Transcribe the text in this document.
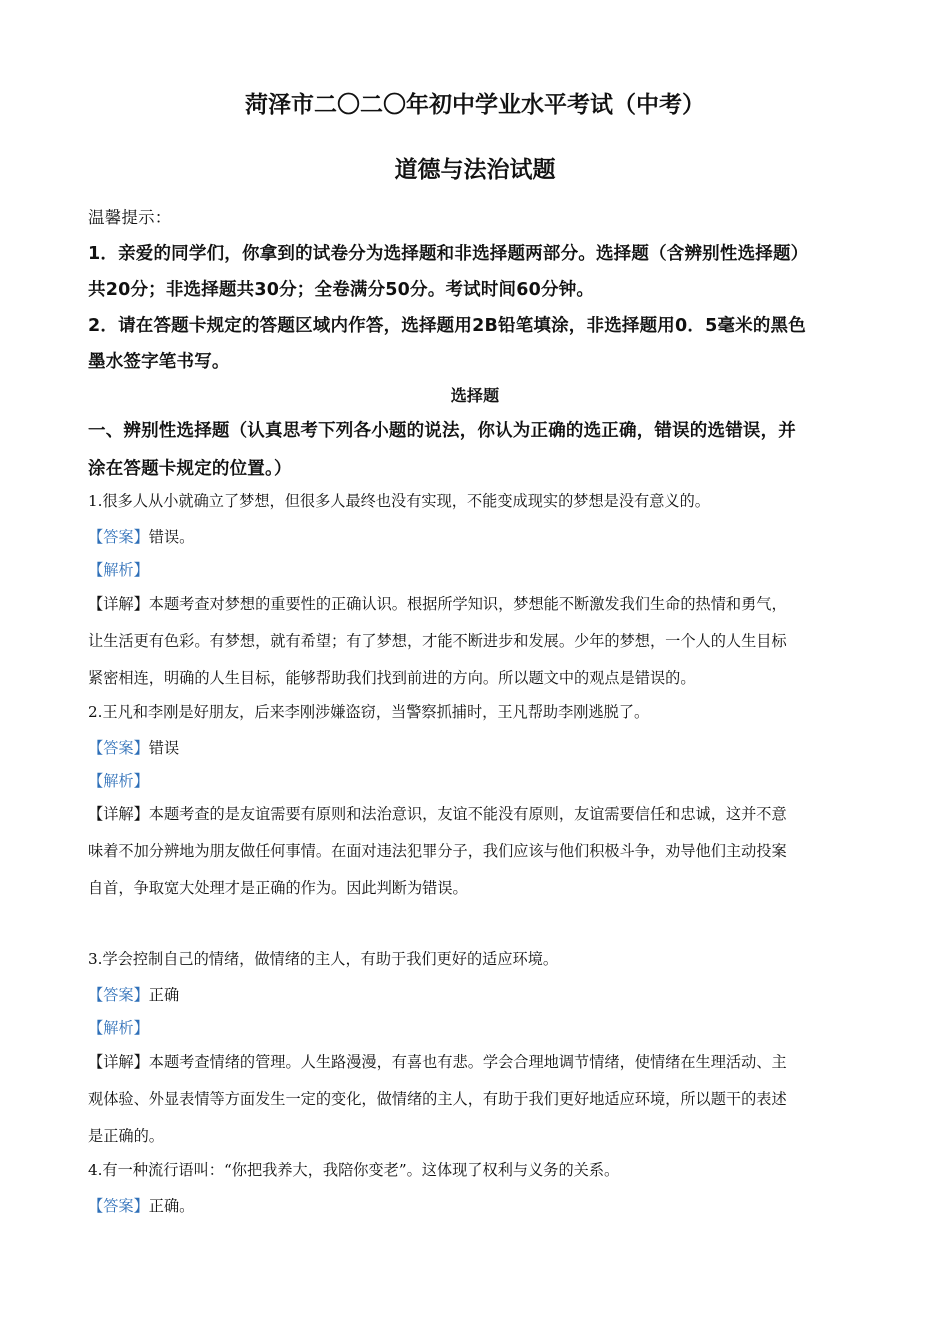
菏泽市二〇二〇年初中学业水平考试（中考）
道德与法治试题
温馨提示：
1．亲爱的同学们，你拿到的试卷分为选择题和非选择题两部分。选择题（含辨别性选择题）
共20分；非选择题共30分；全卷满分50分。考试时间60分钟。
2．请在答题卡规定的答题区域内作答，选择题用2B铅笔填涂，非选择题用0．5毫米的黑色
墨水签字笔书写。
选择题
一、辨别性选择题（认真思考下列各小题的说法，你认为正确的选正确，错误的选错误，并
涂在答题卡规定的位置。）
1.很多人从小就确立了梦想，但很多人最终也没有实现，不能变成现实的梦想是没有意义的。
【答案】错误。
【解析】
【详解】本题考查对梦想的重要性的正确认识。根据所学知识，梦想能不断激发我们生命的热情和勇气，
让生活更有色彩。有梦想，就有希望；有了梦想，才能不断进步和发展。少年的梦想，一个人的人生目标
紧密相连，明确的人生目标，能够帮助我们找到前进的方向。所以题文中的观点是错误的。
2.王凡和李刚是好朋友，后来李刚涉嫌盗窃，当警察抓捕时，王凡帮助李刚逃脱了。
【答案】错误
【解析】
【详解】本题考查的是友谊需要有原则和法治意识，友谊不能没有原则，友谊需要信任和忠诚，这并不意
味着不加分辨地为朋友做任何事情。在面对违法犯罪分子，我们应该与他们积极斗争，劝导他们主动投案
自首，争取宽大处理才是正确的作为。因此判断为错误。
3.学会控制自己的情绪，做情绪的主人，有助于我们更好的适应环境。
【答案】正确
【解析】
【详解】本题考查情绪的管理。人生路漫漫，有喜也有悲。学会合理地调节情绪，使情绪在生理活动、主
观体验、外显表情等方面发生一定的变化，做情绪的主人，有助于我们更好地适应环境，所以题干的表述
是正确的。
4.有一种流行语叫：“你把我养大，我陪你变老”。这体现了权利与义务的关系。
【答案】正确。
